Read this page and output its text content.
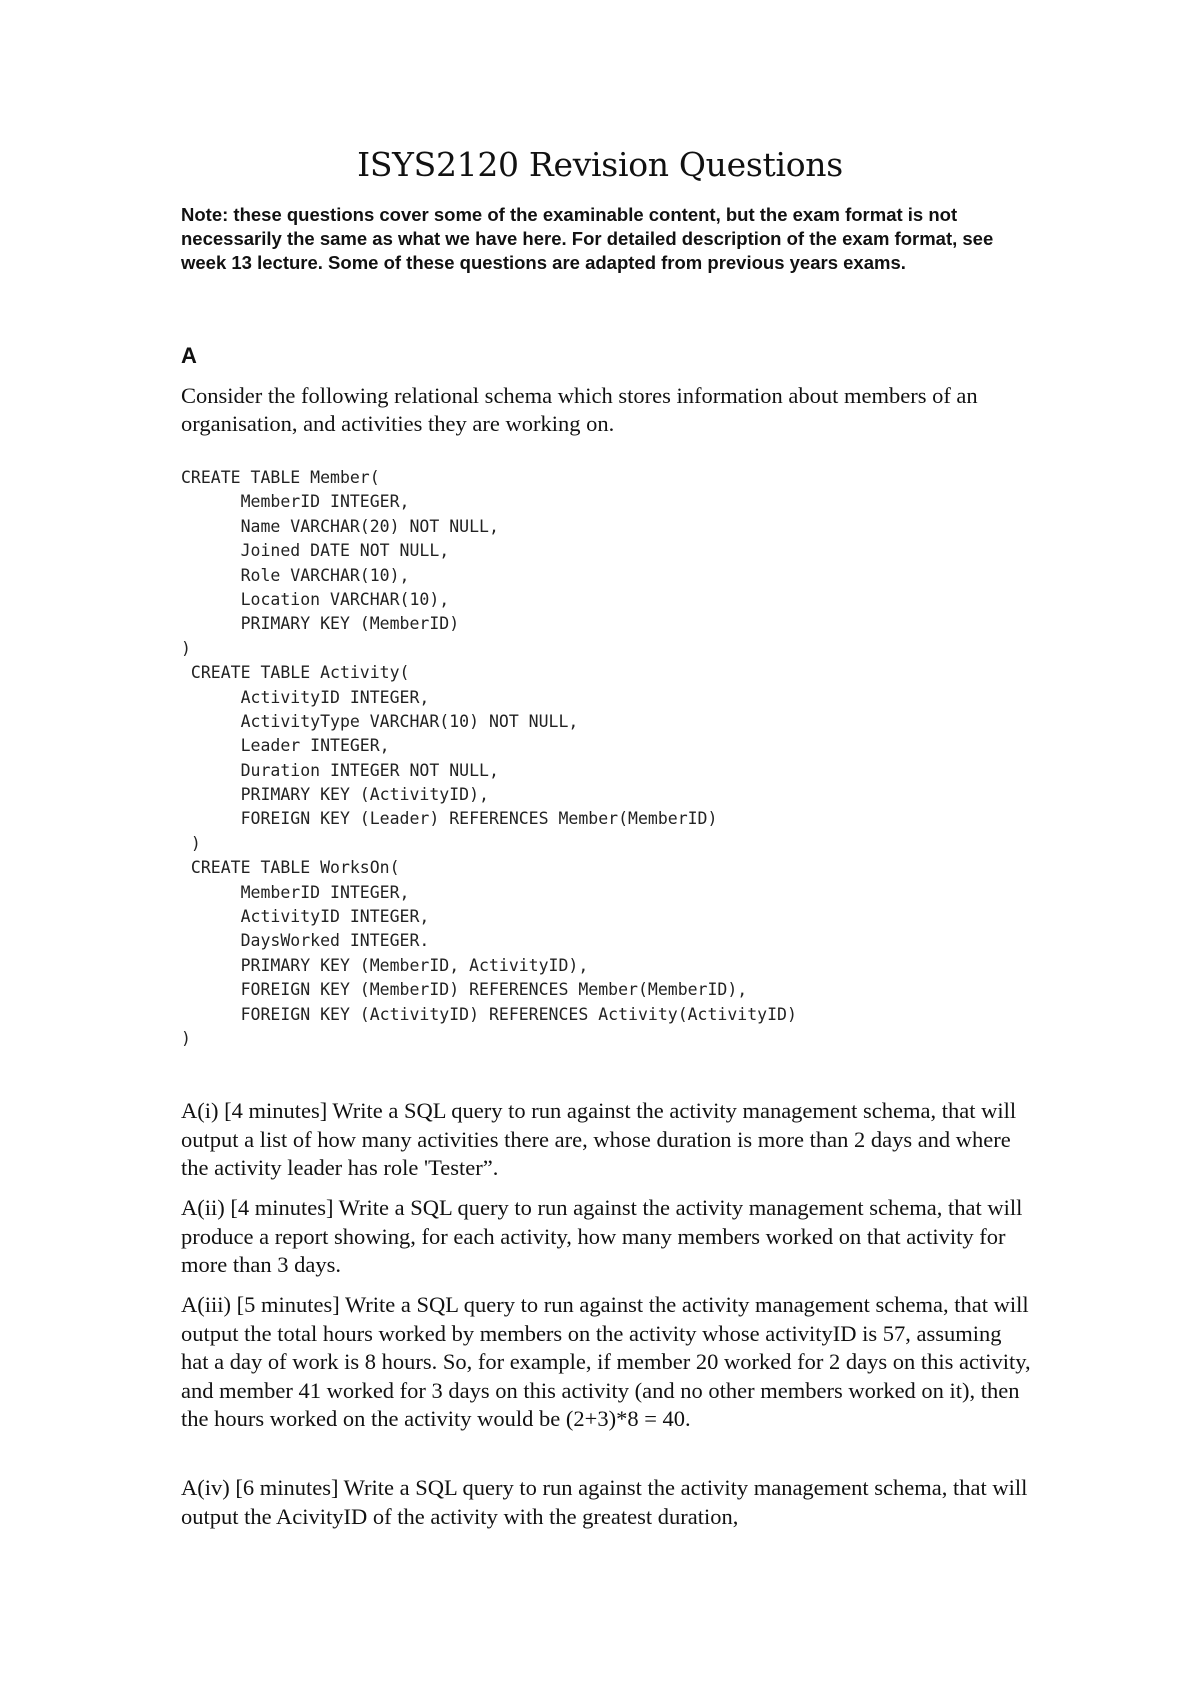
ISYS2120 Revision Questions

Note: these questions cover some of the examinable content, but the exam format is not necessarily the same as what we have here. For detailed description of the exam format, see week 13 lecture. Some of these questions are adapted from previous years exams.

A

Consider the following relational schema which stores information about members of an organisation, and activities they are working on.

CREATE TABLE Member(
MemberID INTEGER,
Name VARCHAR(20) NOT NULL,
Joined DATE NOT NULL,
Role VARCHAR(10),
Location VARCHAR(10),
PRIMARY KEY (MemberID)
)
CREATE TABLE Activity(
ActivityID INTEGER,
ActivityType VARCHAR(10) NOT NULL,
Leader INTEGER,
Duration INTEGER NOT NULL,
PRIMARY KEY (ActivityID),
FOREIGN KEY (Leader) REFERENCES Member(MemberID)
)
CREATE TABLE WorksOn(
MemberID INTEGER,
ActivityID INTEGER,
DaysWorked INTEGER.
PRIMARY KEY (MemberID, ActivityID),
FOREIGN KEY (MemberID) REFERENCES Member(MemberID),
FOREIGN KEY (ActivityID) REFERENCES Activity(ActivityID)
)

A(i) [4 minutes] Write a SQL query to run against the activity management schema, that will output a list of how many activities there are, whose duration is more than 2 days and where the activity leader has role 'Tester”.

A(ii) [4 minutes] Write a SQL query to run against the activity management schema, that will produce a report showing, for each activity, how many members worked on that activity for more than 3 days.

A(iii) [5 minutes] Write a SQL query to run against the activity management schema, that will output the total hours worked by members on the activity whose activityID is 57, assuming hat a day of work is 8 hours. So, for example, if member 20 worked for 2 days on this activity, and member 41 worked for 3 days on this activity (and no other members worked on it), then the hours worked on the activity would be (2+3)*8 = 40.

A(iv) [6 minutes] Write a SQL query to run against the activity management schema, that will output the AcivityID of the activity with the greatest duration,
